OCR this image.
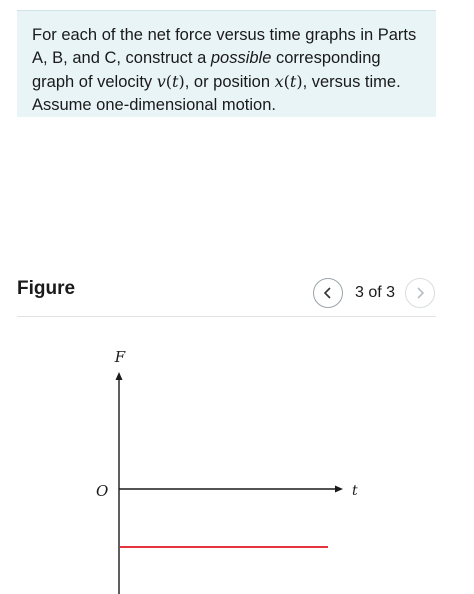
For each of the net force versus time graphs in Parts A, B, and C, construct a possible corresponding graph of velocity v(t), or position x(t), versus time. Assume one-dimensional motion.
Figure	3 of 3
F
t
O
